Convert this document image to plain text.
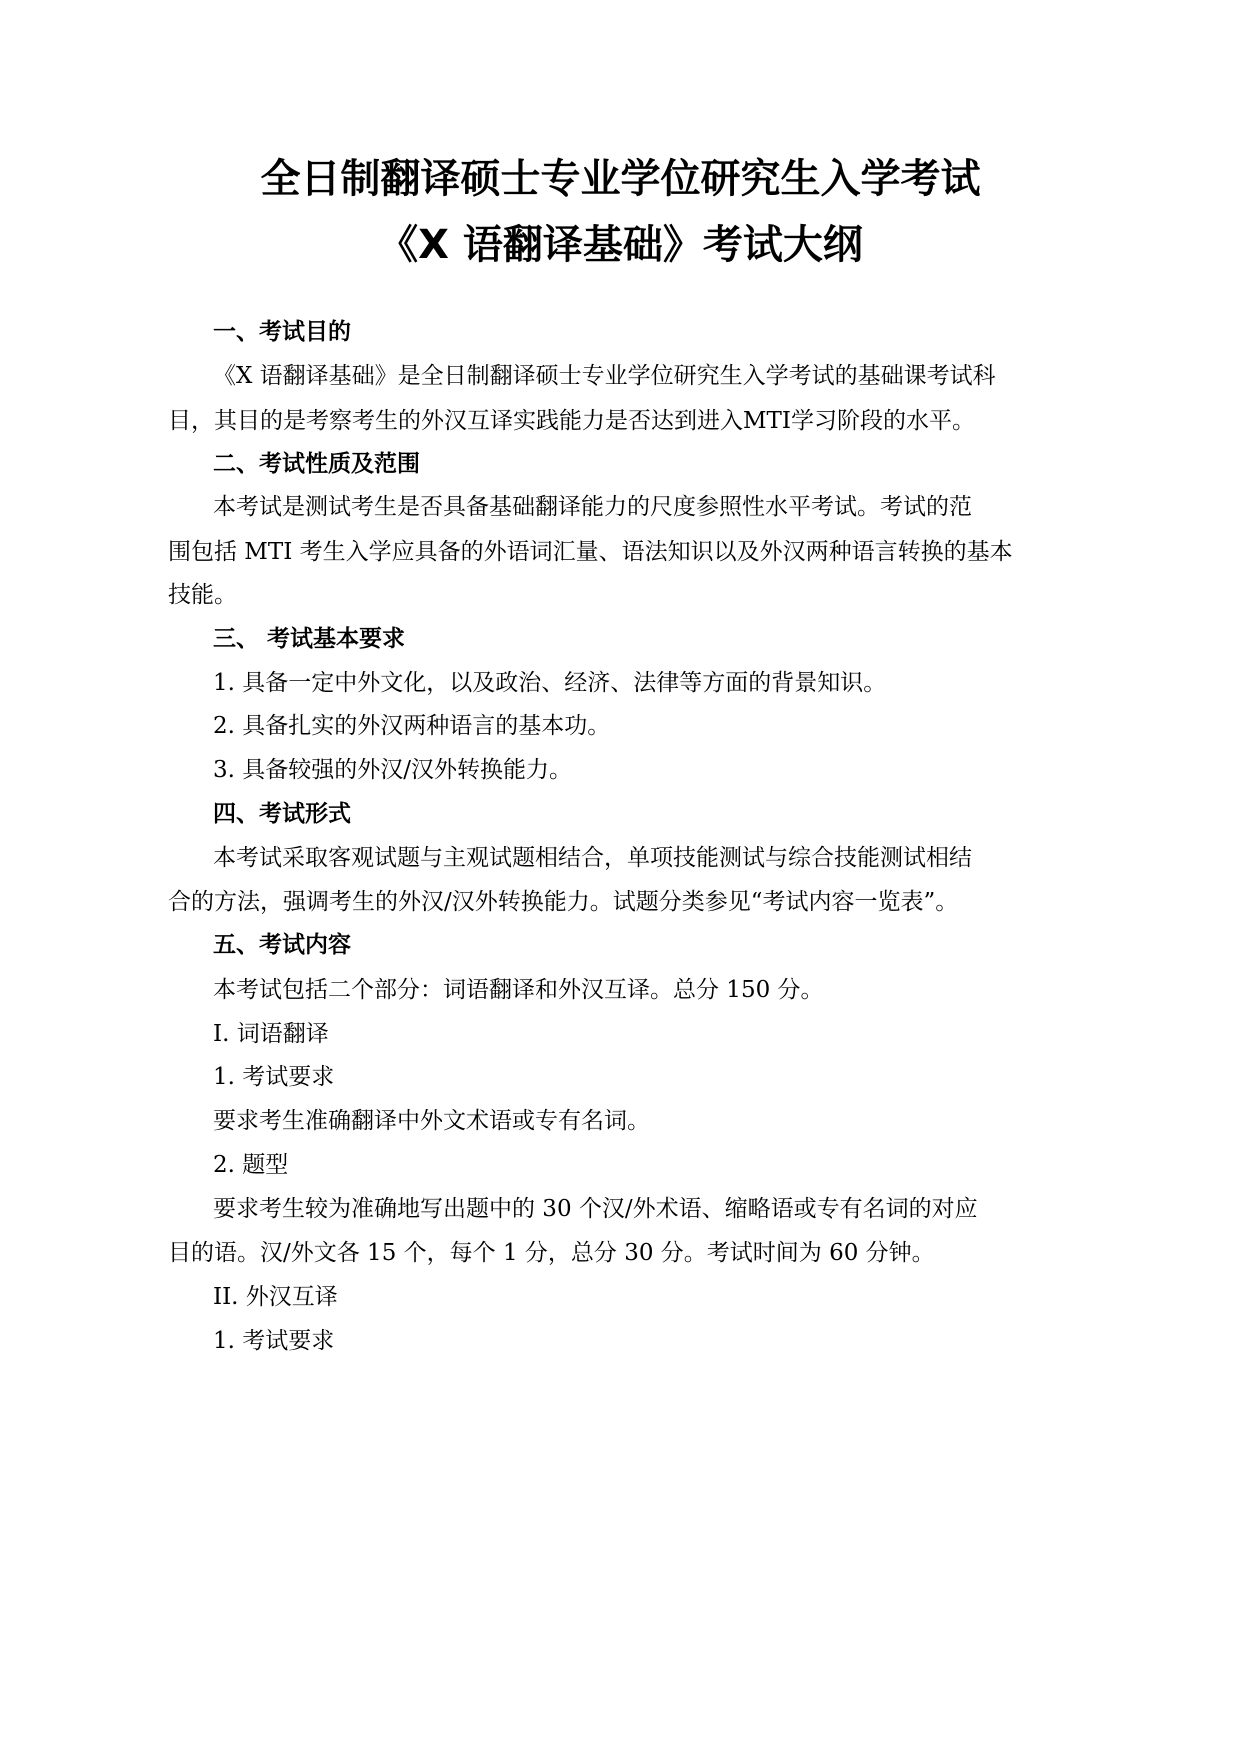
全日制翻译硕士专业学位研究生入学考试
《X 语翻译基础》考试大纲
一、考试目的
《X 语翻译基础》是全日制翻译硕士专业学位研究生入学考试的基础课考试科
目，其目的是考察考生的外汉互译实践能力是否达到进入MTI学习阶段的水平。
二、考试性质及范围
本考试是测试考生是否具备基础翻译能力的尺度参照性水平考试。考试的范
围包括 MTI 考生入学应具备的外语词汇量、语法知识以及外汉两种语言转换的基本
技能。
三、 考试基本要求
1. 具备一定中外文化，以及政治、经济、法律等方面的背景知识。
2. 具备扎实的外汉两种语言的基本功。
3. 具备较强的外汉/汉外转换能力。
四、考试形式
本考试采取客观试题与主观试题相结合，单项技能测试与综合技能测试相结
合的方法，强调考生的外汉/汉外转换能力。试题分类参见“考试内容一览表”。
五、考试内容
本考试包括二个部分：词语翻译和外汉互译。总分 150 分。
I. 词语翻译
1. 考试要求
要求考生准确翻译中外文术语或专有名词。
2. 题型
要求考生较为准确地写出题中的 30 个汉/外术语、缩略语或专有名词的对应
目的语。汉/外文各 15 个，每个 1 分，总分 30 分。考试时间为 60 分钟。
II. 外汉互译
1. 考试要求
